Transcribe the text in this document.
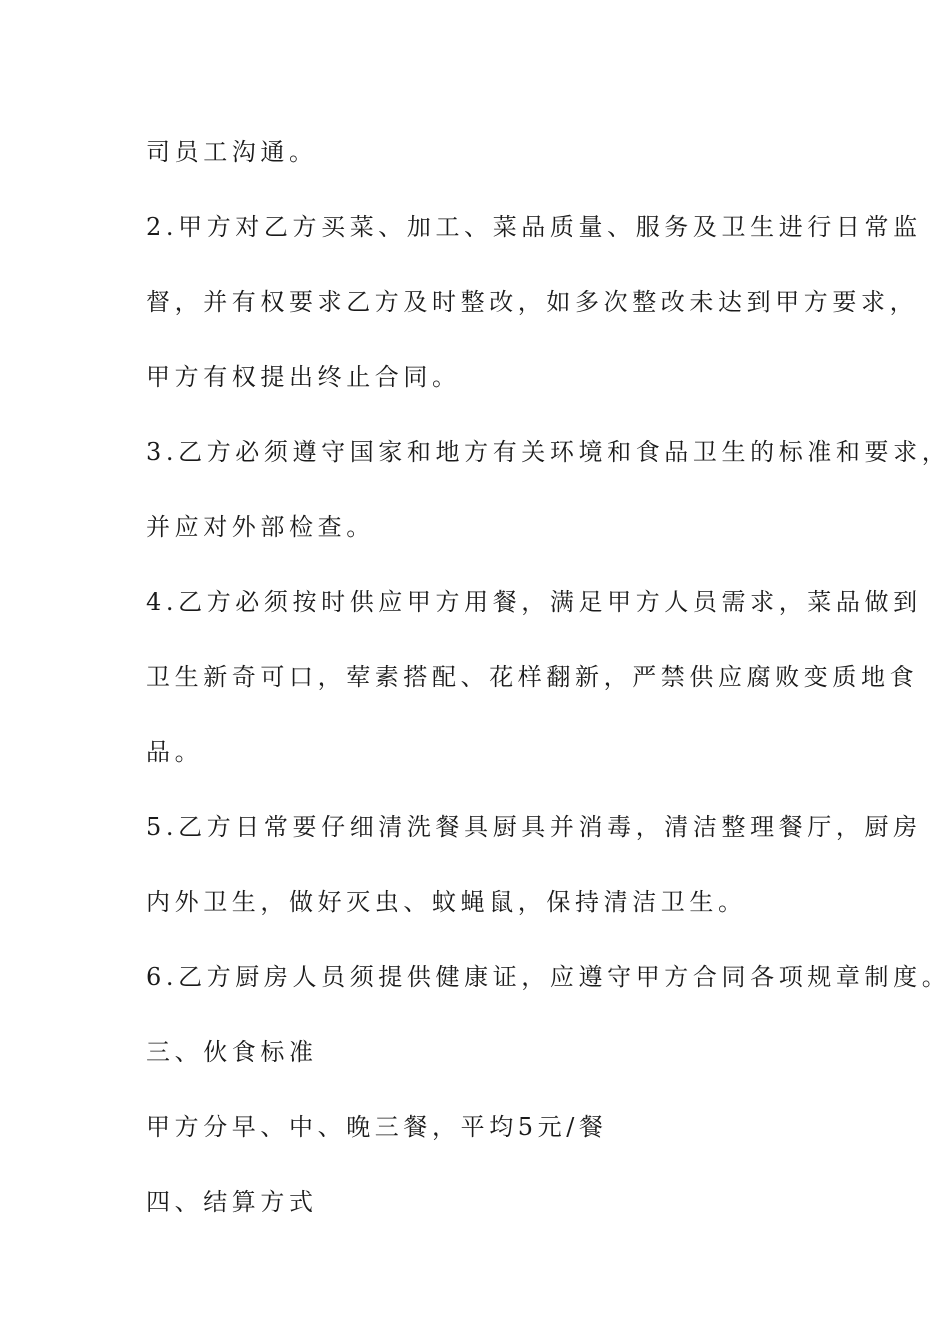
司员工沟通。
2.甲方对乙方买菜、加工、菜品质量、服务及卫生进行日常监
督，并有权要求乙方及时整改，如多次整改未达到甲方要求，
甲方有权提出终止合同。
3.乙方必须遵守国家和地方有关环境和食品卫生的标准和要求，
并应对外部检查。
4.乙方必须按时供应甲方用餐，满足甲方人员需求，菜品做到
卫生新奇可口，荤素搭配、花样翻新，严禁供应腐败变质地食
品。
5.乙方日常要仔细清洗餐具厨具并消毒，清洁整理餐厅，厨房
内外卫生，做好灭虫、蚊蝇鼠，保持清洁卫生。
6.乙方厨房人员须提供健康证，应遵守甲方合同各项规章制度。
三、伙食标准
甲方分早、中、晚三餐，平均5元/餐
四、结算方式
